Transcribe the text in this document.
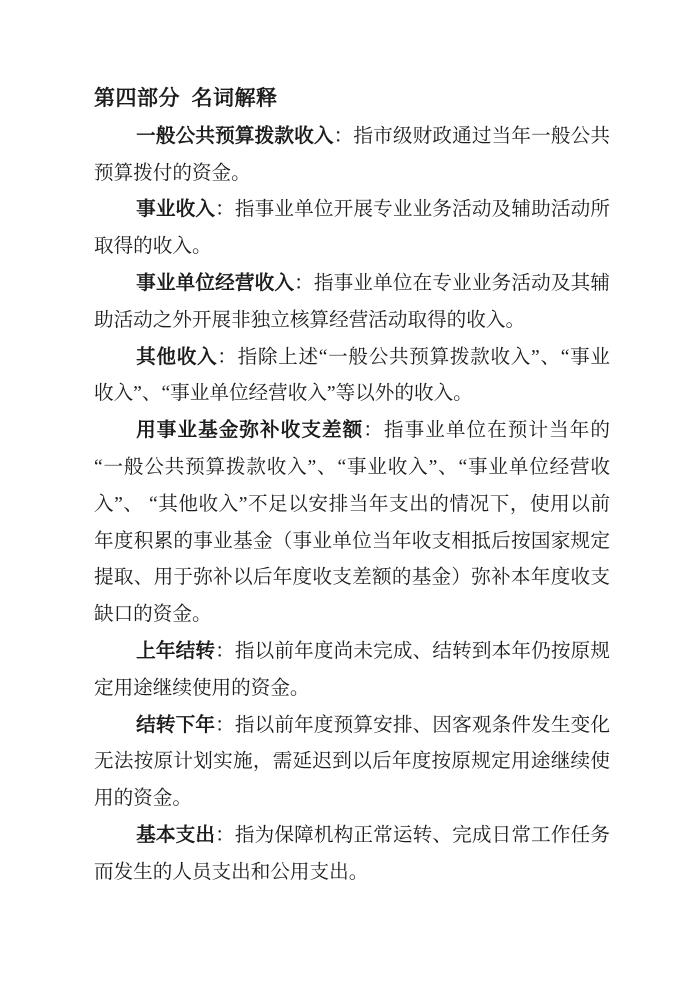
第四部分  名词解释

一般公共预算拨款收入：指市级财政通过当年一般公共预算拨付的资金。

事业收入：指事业单位开展专业业务活动及辅助活动所取得的收入。

事业单位经营收入：指事业单位在专业业务活动及其辅助活动之外开展非独立核算经营活动取得的收入。

其他收入：指除上述“一般公共预算拨款收入”、“事业收入”、“事业单位经营收入”等以外的收入。

用事业基金弥补收支差额：指事业单位在预计当年的“一般公共预算拨款收入”、“事业收入”、“事业单位经营收入”、 “其他收入”不足以安排当年支出的情况下，使用以前年度积累的事业基金（事业单位当年收支相抵后按国家规定提取、用于弥补以后年度收支差额的基金）弥补本年度收支缺口的资金。

上年结转：指以前年度尚未完成、结转到本年仍按原规定用途继续使用的资金。

结转下年：指以前年度预算安排、因客观条件发生变化无法按原计划实施，需延迟到以后年度按原规定用途继续使用的资金。

基本支出：指为保障机构正常运转、完成日常工作任务而发生的人员支出和公用支出。
